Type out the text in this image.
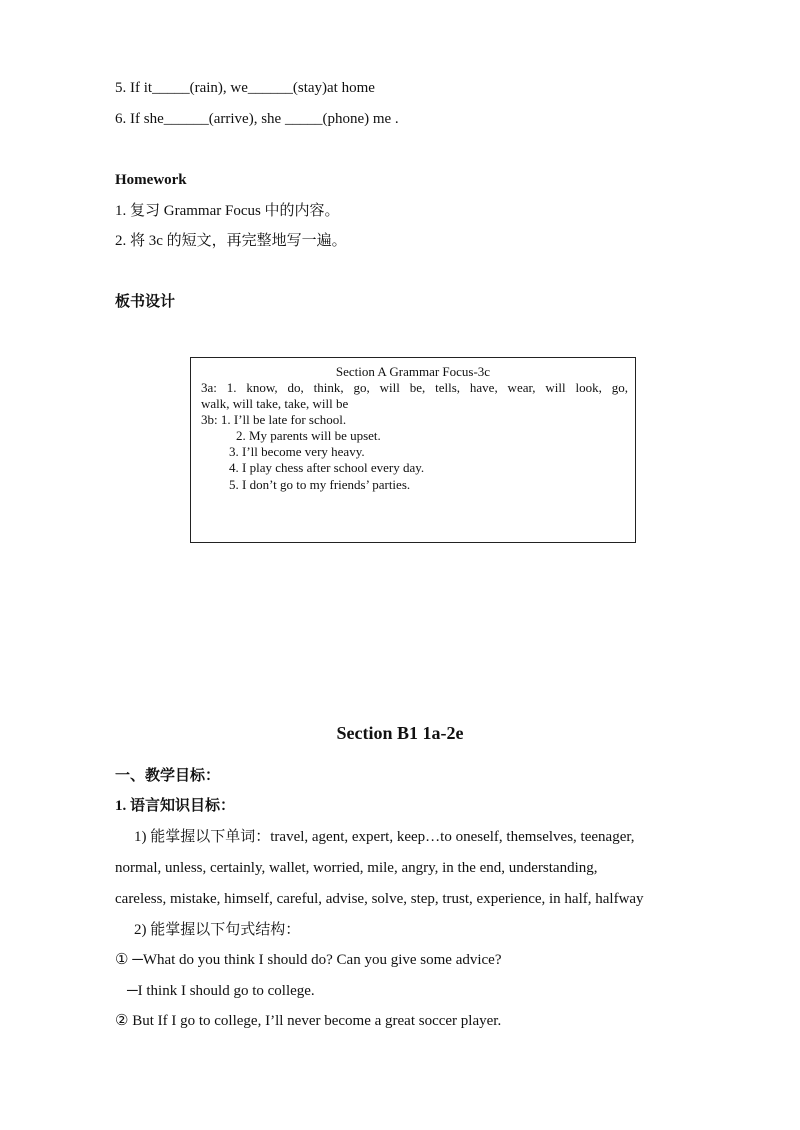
5. If it_____(rain), we______(stay)at home
6. If she______(arrive), she _____(phone) me .
Homework
1. 复习 Grammar Focus 中的内容。
2. 将 3c 的短文，再完整地写一遍。
板书设计
Section A Grammar Focus-3c
3a: 1. know, do, think, go, will be, tells, have, wear, will look, go,
walk, will take, take, will be
3b: 1. I’ll be late for school.
2. My parents will be upset.
3. I’ll become very heavy.
4. I play chess after school every day.
5. I don’t go to my friends’ parties.
Section B1 1a-2e
一、教学目标：
1. 语言知识目标：
1) 能掌握以下单词：travel, agent, expert, keep…to oneself, themselves, teenager,
normal, unless, certainly, wallet, worried, mile, angry, in the end, understanding,
careless, mistake, himself, careful, advise, solve, step, trust, experience, in half, halfway
2) 能掌握以下句式结构：
① ─What do you think I should do? Can you give some advice?
─I think I should go to college.
② But If I go to college, I’ll never become a great soccer player.
